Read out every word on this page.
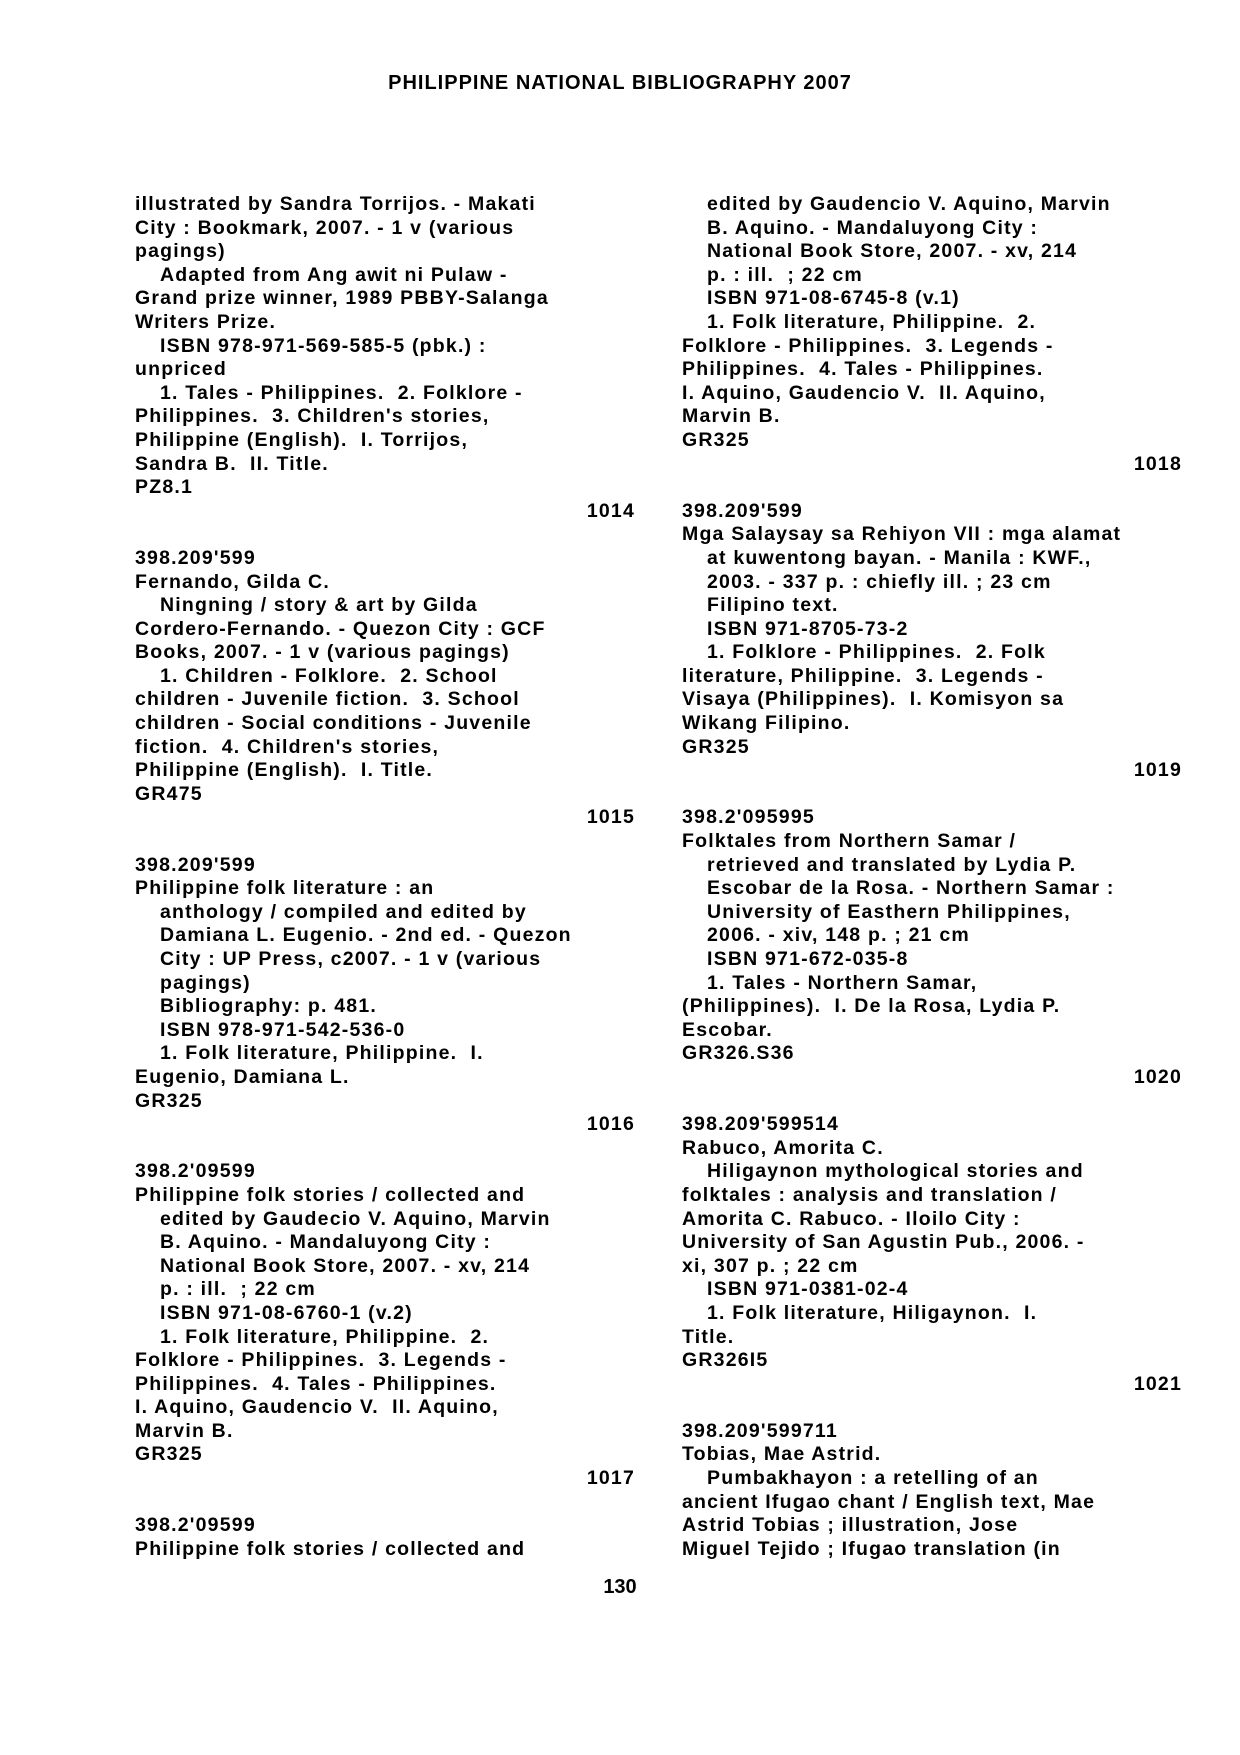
PHILIPPINE NATIONAL BIBLIOGRAPHY 2007
illustrated by Sandra Torrijos. - Makati
City : Bookmark, 2007. - 1 v (various
pagings)
Adapted from Ang awit ni Pulaw -
Grand prize winner, 1989 PBBY-Salanga
Writers Prize.
ISBN 978-971-569-585-5 (pbk.) :
unpriced
1. Tales - Philippines.  2. Folklore -
Philippines.  3. Children's stories,
Philippine (English).  I. Torrijos,
Sandra B.  II. Title.
PZ8.1
1014
398.209'599
Fernando, Gilda C.
Ningning / story & art by Gilda
Cordero-Fernando. - Quezon City : GCF
Books, 2007. - 1 v (various pagings)
1. Children - Folklore.  2. School
children - Juvenile fiction.  3. School
children - Social conditions - Juvenile
fiction.  4. Children's stories,
Philippine (English).  I. Title.
GR475
1015
398.209'599
Philippine folk literature : an
anthology / compiled and edited by
Damiana L. Eugenio. - 2nd ed. - Quezon
City : UP Press, c2007. - 1 v (various
pagings)
Bibliography: p. 481.
ISBN 978-971-542-536-0
1. Folk literature, Philippine.  I.
Eugenio, Damiana L.
GR325
1016
398.2'09599
Philippine folk stories / collected and
edited by Gaudecio V. Aquino, Marvin
B. Aquino. - Mandaluyong City :
National Book Store, 2007. - xv, 214
p. : ill.  ; 22 cm
ISBN 971-08-6760-1 (v.2)
1. Folk literature, Philippine.  2.
Folklore - Philippines.  3. Legends -
Philippines.  4. Tales - Philippines.
I. Aquino, Gaudencio V.  II. Aquino,
Marvin B.
GR325
1017
398.2'09599
Philippine folk stories / collected and
edited by Gaudencio V. Aquino, Marvin
B. Aquino. - Mandaluyong City :
National Book Store, 2007. - xv, 214
p. : ill.  ; 22 cm
ISBN 971-08-6745-8 (v.1)
1. Folk literature, Philippine.  2.
Folklore - Philippines.  3. Legends -
Philippines.  4. Tales - Philippines.
I. Aquino, Gaudencio V.  II. Aquino,
Marvin B.
GR325
1018
398.209'599
Mga Salaysay sa Rehiyon VII : mga alamat
at kuwentong bayan. - Manila : KWF.,
2003. - 337 p. : chiefly ill. ; 23 cm
Filipino text.
ISBN 971-8705-73-2
1. Folklore - Philippines.  2. Folk
literature, Philippine.  3. Legends -
Visaya (Philippines).  I. Komisyon sa
Wikang Filipino.
GR325
1019
398.2'095995
Folktales from Northern Samar /
retrieved and translated by Lydia P.
Escobar de la Rosa. - Northern Samar :
University of Easthern Philippines,
2006. - xiv, 148 p. ; 21 cm
ISBN 971-672-035-8
1. Tales - Northern Samar,
(Philippines).  I. De la Rosa, Lydia P.
Escobar.
GR326.S36
1020
398.209'599514
Rabuco, Amorita C.
Hiligaynon mythological stories and
folktales : analysis and translation /
Amorita C. Rabuco. - Iloilo City :
University of San Agustin Pub., 2006. -
xi, 307 p. ; 22 cm
ISBN 971-0381-02-4
1. Folk literature, Hiligaynon.  I.
Title.
GR326I5
1021
398.209'599711
Tobias, Mae Astrid.
Pumbakhayon : a retelling of an
ancient Ifugao chant / English text, Mae
Astrid Tobias ; illustration, Jose
Miguel Tejido ; Ifugao translation (in
130
